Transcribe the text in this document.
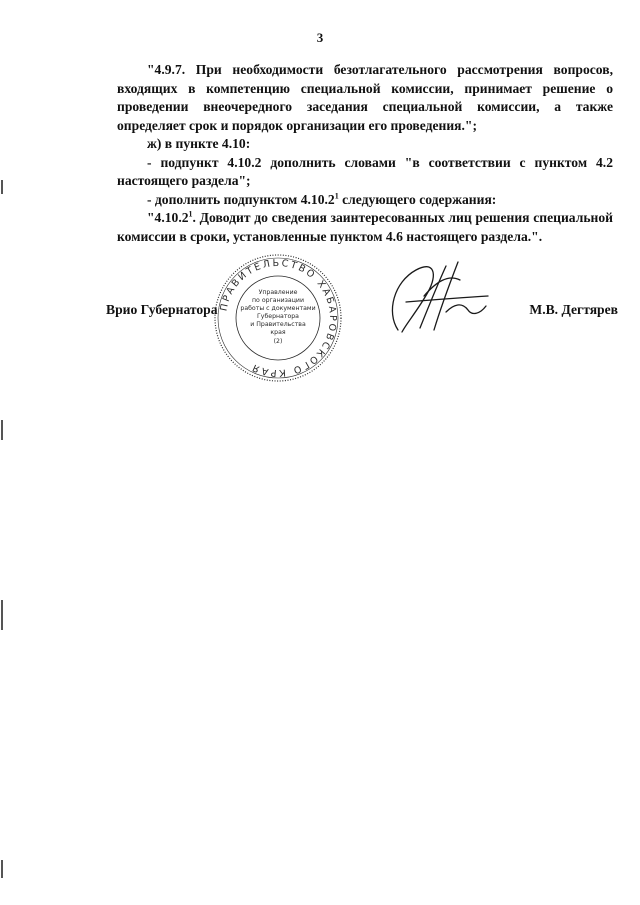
3

"4.9.7. При необходимости безотлагательного рассмотрения вопросов, входящих в компетенцию специальной комиссии, принимает решение о проведении внеочередного заседания специальной комиссии, а также определяет срок и порядок организации его проведения.";

ж) в пункте 4.10:

- подпункт 4.10.2 дополнить словами "в соответствии с пунктом 4.2 настоящего раздела";

- дополнить подпунктом 4.10.2$^1$ следующего содержания:

"4.10.2$^1$. Доводит до сведения заинтересованных лиц решения специальной комиссии в сроки, установленные пунктом 4.6 настоящего раздела.".

Врио Губернатора	М.В. Дегтярев
ПРАВИТЕЛЬСТВО ХАБАРОВСКОГО КРАЯ
Управление
по организации
работы с документами
Губернатора
и Правительства
края
(2)
